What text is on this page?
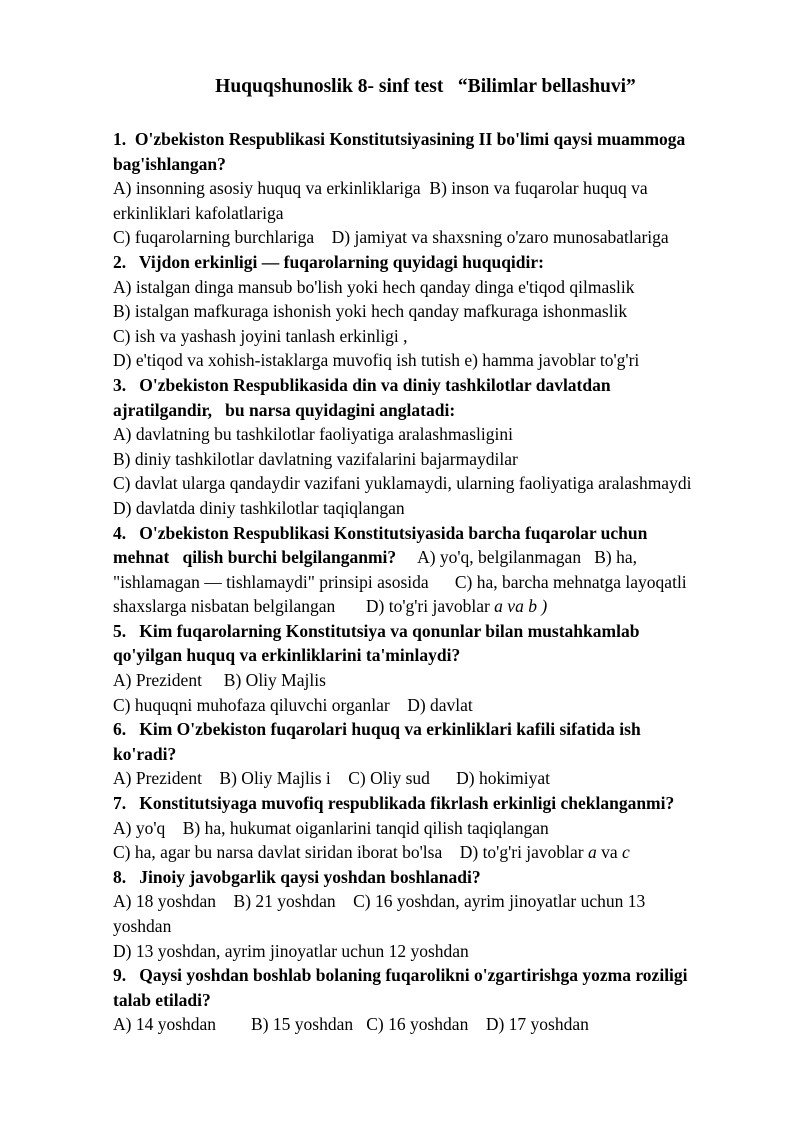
Huquqshunoslik 8- sinf test   “Bilimlar bellashuvi”
1.  O'zbekiston Respublikasi Konstitutsiyasining II bo'limi qaysi muammoga
bag'ishlangan?
A) insonning asosiy huquq va erkinliklariga  B) inson va fuqarolar huquq va
erkinliklari kafolatlariga
C) fuqarolarning burchlariga    D) jamiyat va shaxsning o'zaro munosabatlariga
2.   Vijdon erkinligi — fuqarolarning quyidagi huquqidir:
A) istalgan dinga mansub bo'lish yoki hech qanday dinga e'tiqod qilmaslik
B) istalgan mafkuraga ishonish yoki hech qanday mafkuraga ishonmaslik
C) ish va yashash joyini tanlash erkinligi ,
D) e'tiqod va xohish-istaklarga muvofiq ish tutish e) hamma javoblar to'g'ri
3.   O'zbekiston Respublikasida din va diniy tashkilotlar davlatdan
ajratilgandir,   bu narsa quyidagini anglatadi:
A) davlatning bu tashkilotlar faoliyatiga aralashmasligini
B) diniy tashkilotlar davlatning vazifalarini bajarmaydilar
C) davlat ularga qandaydir vazifani yuklamaydi, ularning faoliyatiga aralashmaydi
D) davlatda diniy tashkilotlar taqiqlangan
4.   O'zbekiston Respublikasi Konstitutsiyasida barcha fuqarolar uchun
mehnat   qilish burchi belgilanganmi?     A) yo'q, belgilanmagan   B) ha,
"ishlamagan — tishlamaydi" prinsipi asosida      C) ha, barcha mehnatga layoqatli
shaxslarga nisbatan belgilangan       D) to'g'ri javoblar a va b )
5.   Kim fuqarolarning Konstitutsiya va qonunlar bilan mustahkamlab
qo'yilgan huquq va erkinliklarini ta'minlaydi?
A) Prezident     B) Oliy Majlis
C) huquqni muhofaza qiluvchi organlar    D) davlat
6.   Kim O'zbekiston fuqarolari huquq va erkinliklari kafili sifatida ish
ko'radi?
A) Prezident    B) Oliy Majlis i    C) Oliy sud      D) hokimiyat
7.   Konstitutsiyaga muvofiq respublikada fikrlash erkinligi cheklanganmi?
A) yo'q    B) ha, hukumat oiganlarini tanqid qilish taqiqlangan
C) ha, agar bu narsa davlat siridan iborat bo'lsa    D) to'g'ri javoblar a va c
8.   Jinoiy javobgarlik qaysi yoshdan boshlanadi?
A) 18 yoshdan    B) 21 yoshdan    C) 16 yoshdan, ayrim jinoyatlar uchun 13
yoshdan
D) 13 yoshdan, ayrim jinoyatlar uchun 12 yoshdan
9.   Qaysi yoshdan boshlab bolaning fuqarolikni o'zgartirishga yozma roziligi
talab etiladi?
A) 14 yoshdan        B) 15 yoshdan   C) 16 yoshdan    D) 17 yoshdan
